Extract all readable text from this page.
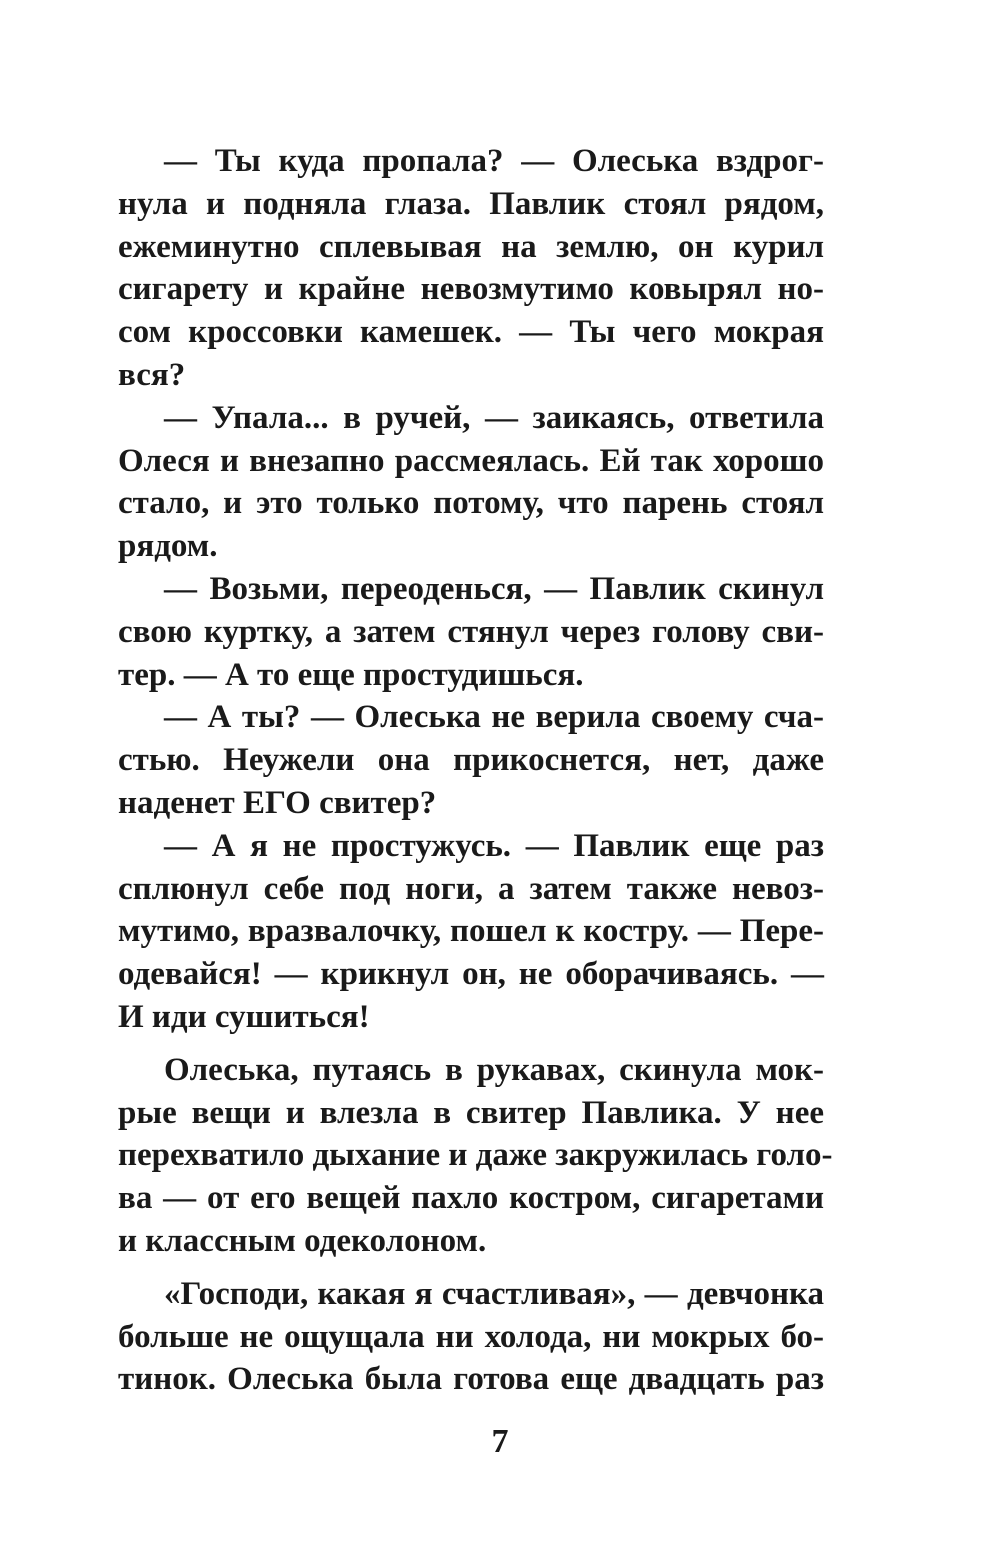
— Ты куда пропала? — Олеська вздрог-
нула и подняла глаза. Павлик стоял рядом,
ежеминутно сплевывая на землю, он курил
сигарету и крайне невозмутимо ковырял но-
сом кроссовки камешек. — Ты чего мокрая
вся?

— Упала... в ручей, — заикаясь, ответила
Олеся и внезапно рассмеялась. Ей так хорошо
стало, и это только потому, что парень стоял
рядом.

— Возьми, переоденься, — Павлик скинул
свою куртку, а затем стянул через голову сви-
тер. — А то еще простудишься.

— А ты? — Олеська не верила своему сча-
стью. Неужели она прикоснется, нет, даже
наденет ЕГО свитер?

— А я не простужусь. — Павлик еще раз
сплюнул себе под ноги, а затем также невоз-
мутимо, вразвалочку, пошел к костру. — Пере-
одевайся! — крикнул он, не оборачиваясь. —
И иди сушиться!

Олеська, путаясь в рукавах, скинула мок-
рые вещи и влезла в свитер Павлика. У нее
перехватило дыхание и даже закружилась голо-
ва — от его вещей пахло костром, сигаретами
и классным одеколоном.

«Господи, какая я счастливая», — девчонка
больше не ощущала ни холода, ни мокрых бо-
тинок. Олеська была готова еще двадцать раз

7
